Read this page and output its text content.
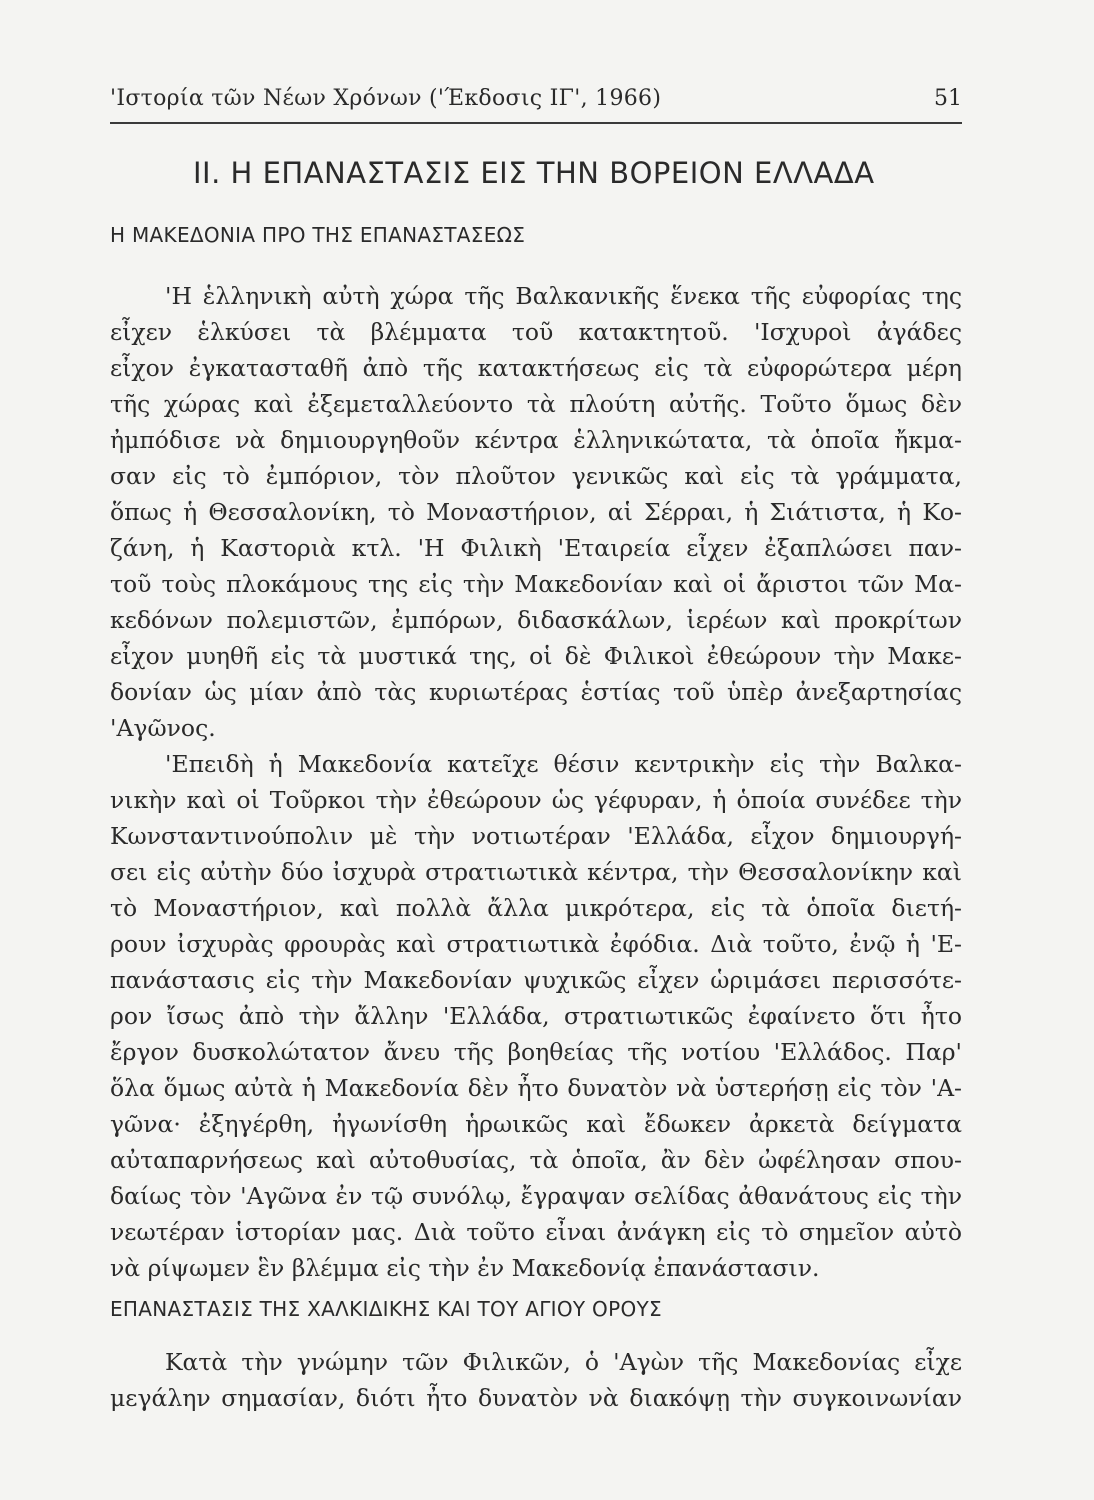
'Ιστορία τῶν Νέων Χρόνων ('Έκδοσις ΙΓ', 1966)	51
ΙΙ. Η ΕΠΑΝΑΣΤΑΣΙΣ ΕΙΣ ΤΗΝ ΒΟΡΕΙΟΝ ΕΛΛΑΔΑ
Η ΜΑΚΕΔΟΝΙΑ ΠΡΟ ΤΗΣ ΕΠΑΝΑΣΤΑΣΕΩΣ
'Η ἑλληνικὴ αὐτὴ χώρα τῆς Βαλκανικῆς ἕνεκα τῆς εὐφορίας της
εἶχεν ἑλκύσει τὰ βλέμματα τοῦ κατακτητοῦ. 'Ισχυροὶ ἀγάδες
εἶχον ἐγκατασταθῆ ἀπὸ τῆς κατακτήσεως εἰς τὰ εὐφορώτερα μέρη
τῆς χώρας καὶ ἐξεμεταλλεύοντο τὰ πλούτη αὐτῆς. Τοῦτο ὅμως δὲν
ἠμπόδισε νὰ δημιουργηθοῦν κέντρα ἑλληνικώτατα, τὰ ὁποῖα ἤκμα-
σαν εἰς τὸ ἐμπόριον, τὸν πλοῦτον γενικῶς καὶ εἰς τὰ γράμματα,
ὅπως ἡ Θεσσαλονίκη, τὸ Μοναστήριον, αἱ Σέρραι, ἡ Σιάτιστα, ἡ Κο-
ζάνη, ἡ Καστοριὰ κτλ. 'Η Φιλικὴ 'Εταιρεία εἶχεν ἐξαπλώσει παν-
τοῦ τοὺς πλοκάμους της εἰς τὴν Μακεδονίαν καὶ οἱ ἄριστοι τῶν Μα-
κεδόνων πολεμιστῶν, ἐμπόρων, διδασκάλων, ἱερέων καὶ προκρίτων
εἶχον μυηθῆ εἰς τὰ μυστικά της, οἱ δὲ Φιλικοὶ ἐθεώρουν τὴν Μακε-
δονίαν ὡς μίαν ἀπὸ τὰς κυριωτέρας ἑστίας τοῦ ὑπὲρ ἀνεξαρτησίας
'Αγῶνος.
'Επειδὴ ἡ Μακεδονία κατεῖχε θέσιν κεντρικὴν εἰς τὴν Βαλκα-
νικὴν καὶ οἱ Τοῦρκοι τὴν ἐθεώρουν ὡς γέφυραν, ἡ ὁποία συνέδεε τὴν
Κωνσταντινούπολιν μὲ τὴν νοτιωτέραν 'Ελλάδα, εἶχον δημιουργή-
σει εἰς αὐτὴν δύο ἰσχυρὰ στρατιωτικὰ κέντρα, τὴν Θεσσαλονίκην καὶ
τὸ Μοναστήριον, καὶ πολλὰ ἄλλα μικρότερα, εἰς τὰ ὁποῖα διετή-
ρουν ἰσχυρὰς φρουρὰς καὶ στρατιωτικὰ ἐφόδια. Διὰ τοῦτο, ἐνῷ ἡ 'Ε-
πανάστασις εἰς τὴν Μακεδονίαν ψυχικῶς εἶχεν ὡριμάσει περισσότε-
ρον ἴσως ἀπὸ τὴν ἄλλην 'Ελλάδα, στρατιωτικῶς ἐφαίνετο ὅτι ἦτο
ἔργον δυσκολώτατον ἄνευ τῆς βοηθείας τῆς νοτίου 'Ελλάδος. Παρ'
ὅλα ὅμως αὐτὰ ἡ Μακεδονία δὲν ἦτο δυνατὸν νὰ ὑστερήσῃ εἰς τὸν 'Α-
γῶνα· ἐξηγέρθη, ἠγωνίσθη ἡρωικῶς καὶ ἔδωκεν ἀρκετὰ δείγματα
αὐταπαρνήσεως καὶ αὐτοθυσίας, τὰ ὁποῖα, ἂν δὲν ὠφέλησαν σπου-
δαίως τὸν 'Αγῶνα ἐν τῷ συνόλῳ, ἔγραψαν σελίδας ἀθανάτους εἰς τὴν
νεωτέραν ἱστορίαν μας. Διὰ τοῦτο εἶναι ἀνάγκη εἰς τὸ σημεῖον αὐτὸ
νὰ ρίψωμεν ἓν βλέμμα εἰς τὴν ἐν Μακεδονίᾳ ἐπανάστασιν.
ΕΠΑΝΑΣΤΑΣΙΣ ΤΗΣ ΧΑΛΚΙΔΙΚΗΣ ΚΑΙ ΤΟΥ ΑΓΙΟΥ ΟΡΟΥΣ
Κατὰ τὴν γνώμην τῶν Φιλικῶν, ὁ 'Αγὼν τῆς Μακεδονίας εἶχε
μεγάλην σημασίαν, διότι ἦτο δυνατὸν νὰ διακόψῃ τὴν συγκοινωνίαν
